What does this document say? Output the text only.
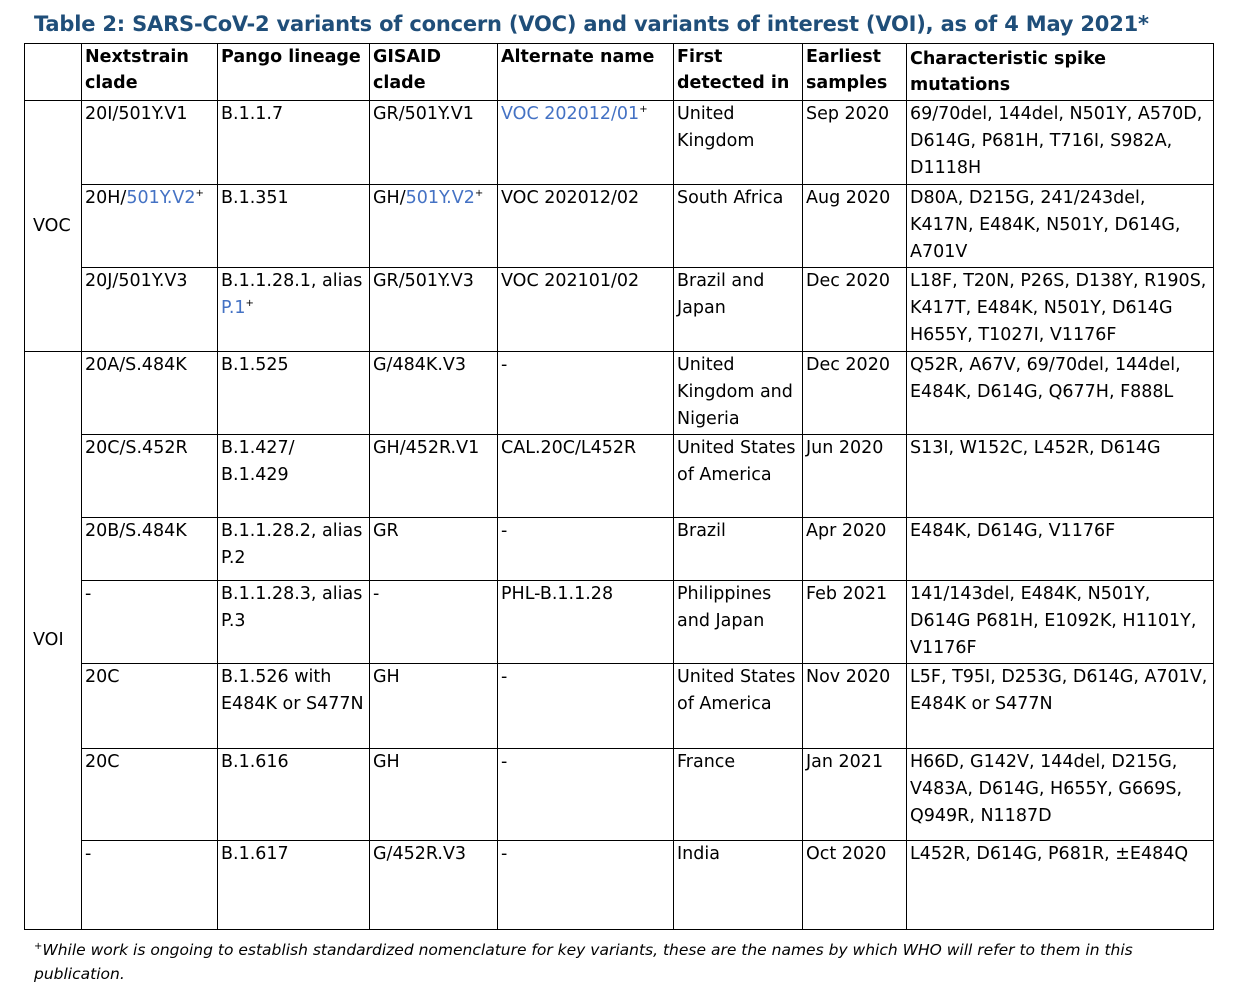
Table 2: SARS-CoV-2 variants of concern (VOC) and variants of interest (VOI), as of 4 May 2021*
	Nextstrain clade	Pango lineage	GISAID clade	Alternate name	First detected in	Earliest samples	Characteristic spike mutations
VOC	20I/501Y.V1	B.1.1.7	GR/501Y.V1	VOC 202012/01+	United Kingdom	Sep 2020	69/70del, 144del, N501Y, A570D, D614G, P681H, T716I, S982A, D1118H
	20H/501Y.V2+	B.1.351	GH/501Y.V2+	VOC 202012/02	South Africa	Aug 2020	D80A, D215G, 241/243del, K417N, E484K, N501Y, D614G, A701V
	20J/501Y.V3	B.1.1.28.1, alias P.1+	GR/501Y.V3	VOC 202101/02	Brazil and Japan	Dec 2020	L18F, T20N, P26S, D138Y, R190S, K417T, E484K, N501Y, D614G H655Y, T1027I, V1176F
VOI	20A/S.484K	B.1.525	G/484K.V3	-	United Kingdom and Nigeria	Dec 2020	Q52R, A67V, 69/70del, 144del, E484K, D614G, Q677H, F888L
	20C/S.452R	B.1.427/ B.1.429	GH/452R.V1	CAL.20C/L452R	United States of America	Jun 2020	S13I, W152C, L452R, D614G
	20B/S.484K	B.1.1.28.2, alias P.2	GR	-	Brazil	Apr 2020	E484K, D614G, V1176F
	-	B.1.1.28.3, alias P.3	-	PHL-B.1.1.28	Philippines and Japan	Feb 2021	141/143del, E484K, N501Y, D614G P681H, E1092K, H1101Y, V1176F
	20C	B.1.526 with E484K or S477N	GH	-	United States of America	Nov 2020	L5F, T95I, D253G, D614G, A701V, E484K or S477N
	20C	B.1.616	GH	-	France	Jan 2021	H66D, G142V, 144del, D215G, V483A, D614G, H655Y, G669S, Q949R, N1187D
	-	B.1.617	G/452R.V3	-	India	Oct 2020	L452R, D614G, P681R, ±E484Q
+While work is ongoing to establish standardized nomenclature for key variants, these are the names by which WHO will refer to them in this publication.
